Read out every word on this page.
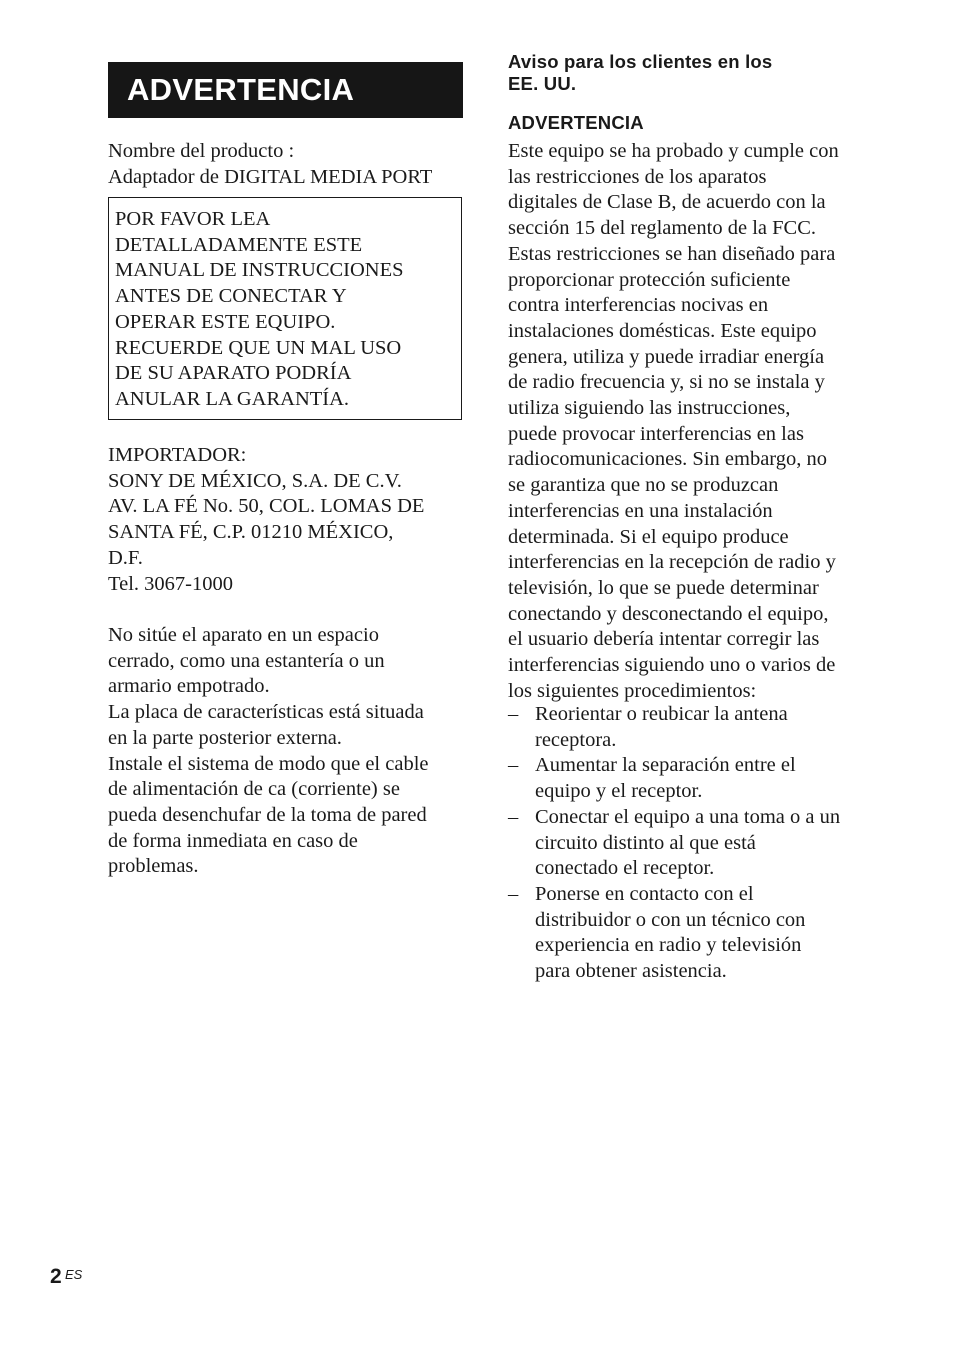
ADVERTENCIA
Nombre del producto :
Adaptador de DIGITAL MEDIA PORT
POR FAVOR LEA
DETALLADAMENTE ESTE
MANUAL DE INSTRUCCIONES
ANTES DE CONECTAR Y
OPERAR ESTE EQUIPO.
RECUERDE QUE UN MAL USO
DE SU APARATO PODRÍA
ANULAR LA GARANTÍA.
IMPORTADOR:
SONY DE MÉXICO, S.A. DE C.V.
AV. LA FÉ No. 50, COL. LOMAS DE
SANTA FÉ, C.P. 01210 MÉXICO,
D.F.
Tel. 3067-1000
No sitúe el aparato en un espacio
cerrado, como una estantería o un
armario empotrado.
La placa de características está situada
en la parte posterior externa.
Instale el sistema de modo que el cable
de alimentación de ca (corriente) se
pueda desenchufar de la toma de pared
de forma inmediata en caso de
problemas.
Aviso para los clientes en los
EE. UU.
ADVERTENCIA
Este equipo se ha probado y cumple con
las restricciones de los aparatos
digitales de Clase B, de acuerdo con la
sección 15 del reglamento de la FCC.
Estas restricciones se han diseñado para
proporcionar protección suficiente
contra interferencias nocivas en
instalaciones domésticas. Este equipo
genera, utiliza y puede irradiar energía
de radio frecuencia y, si no se instala y
utiliza siguiendo las instrucciones,
puede provocar interferencias en las
radiocomunicaciones. Sin embargo, no
se garantiza que no se produzcan
interferencias en una instalación
determinada. Si el equipo produce
interferencias en la recepción de radio y
televisión, lo que se puede determinar
conectando y desconectando el equipo,
el usuario debería intentar corregir las
interferencias siguiendo uno o varios de
los siguientes procedimientos:
– Reorientar o reubicar la antena
receptora.
– Aumentar la separación entre el
equipo y el receptor.
– Conectar el equipo a una toma o a un
circuito distinto al que está
conectado el receptor.
– Ponerse en contacto con el
distribuidor o con un técnico con
experiencia en radio y televisión
para obtener asistencia.
2 ES
